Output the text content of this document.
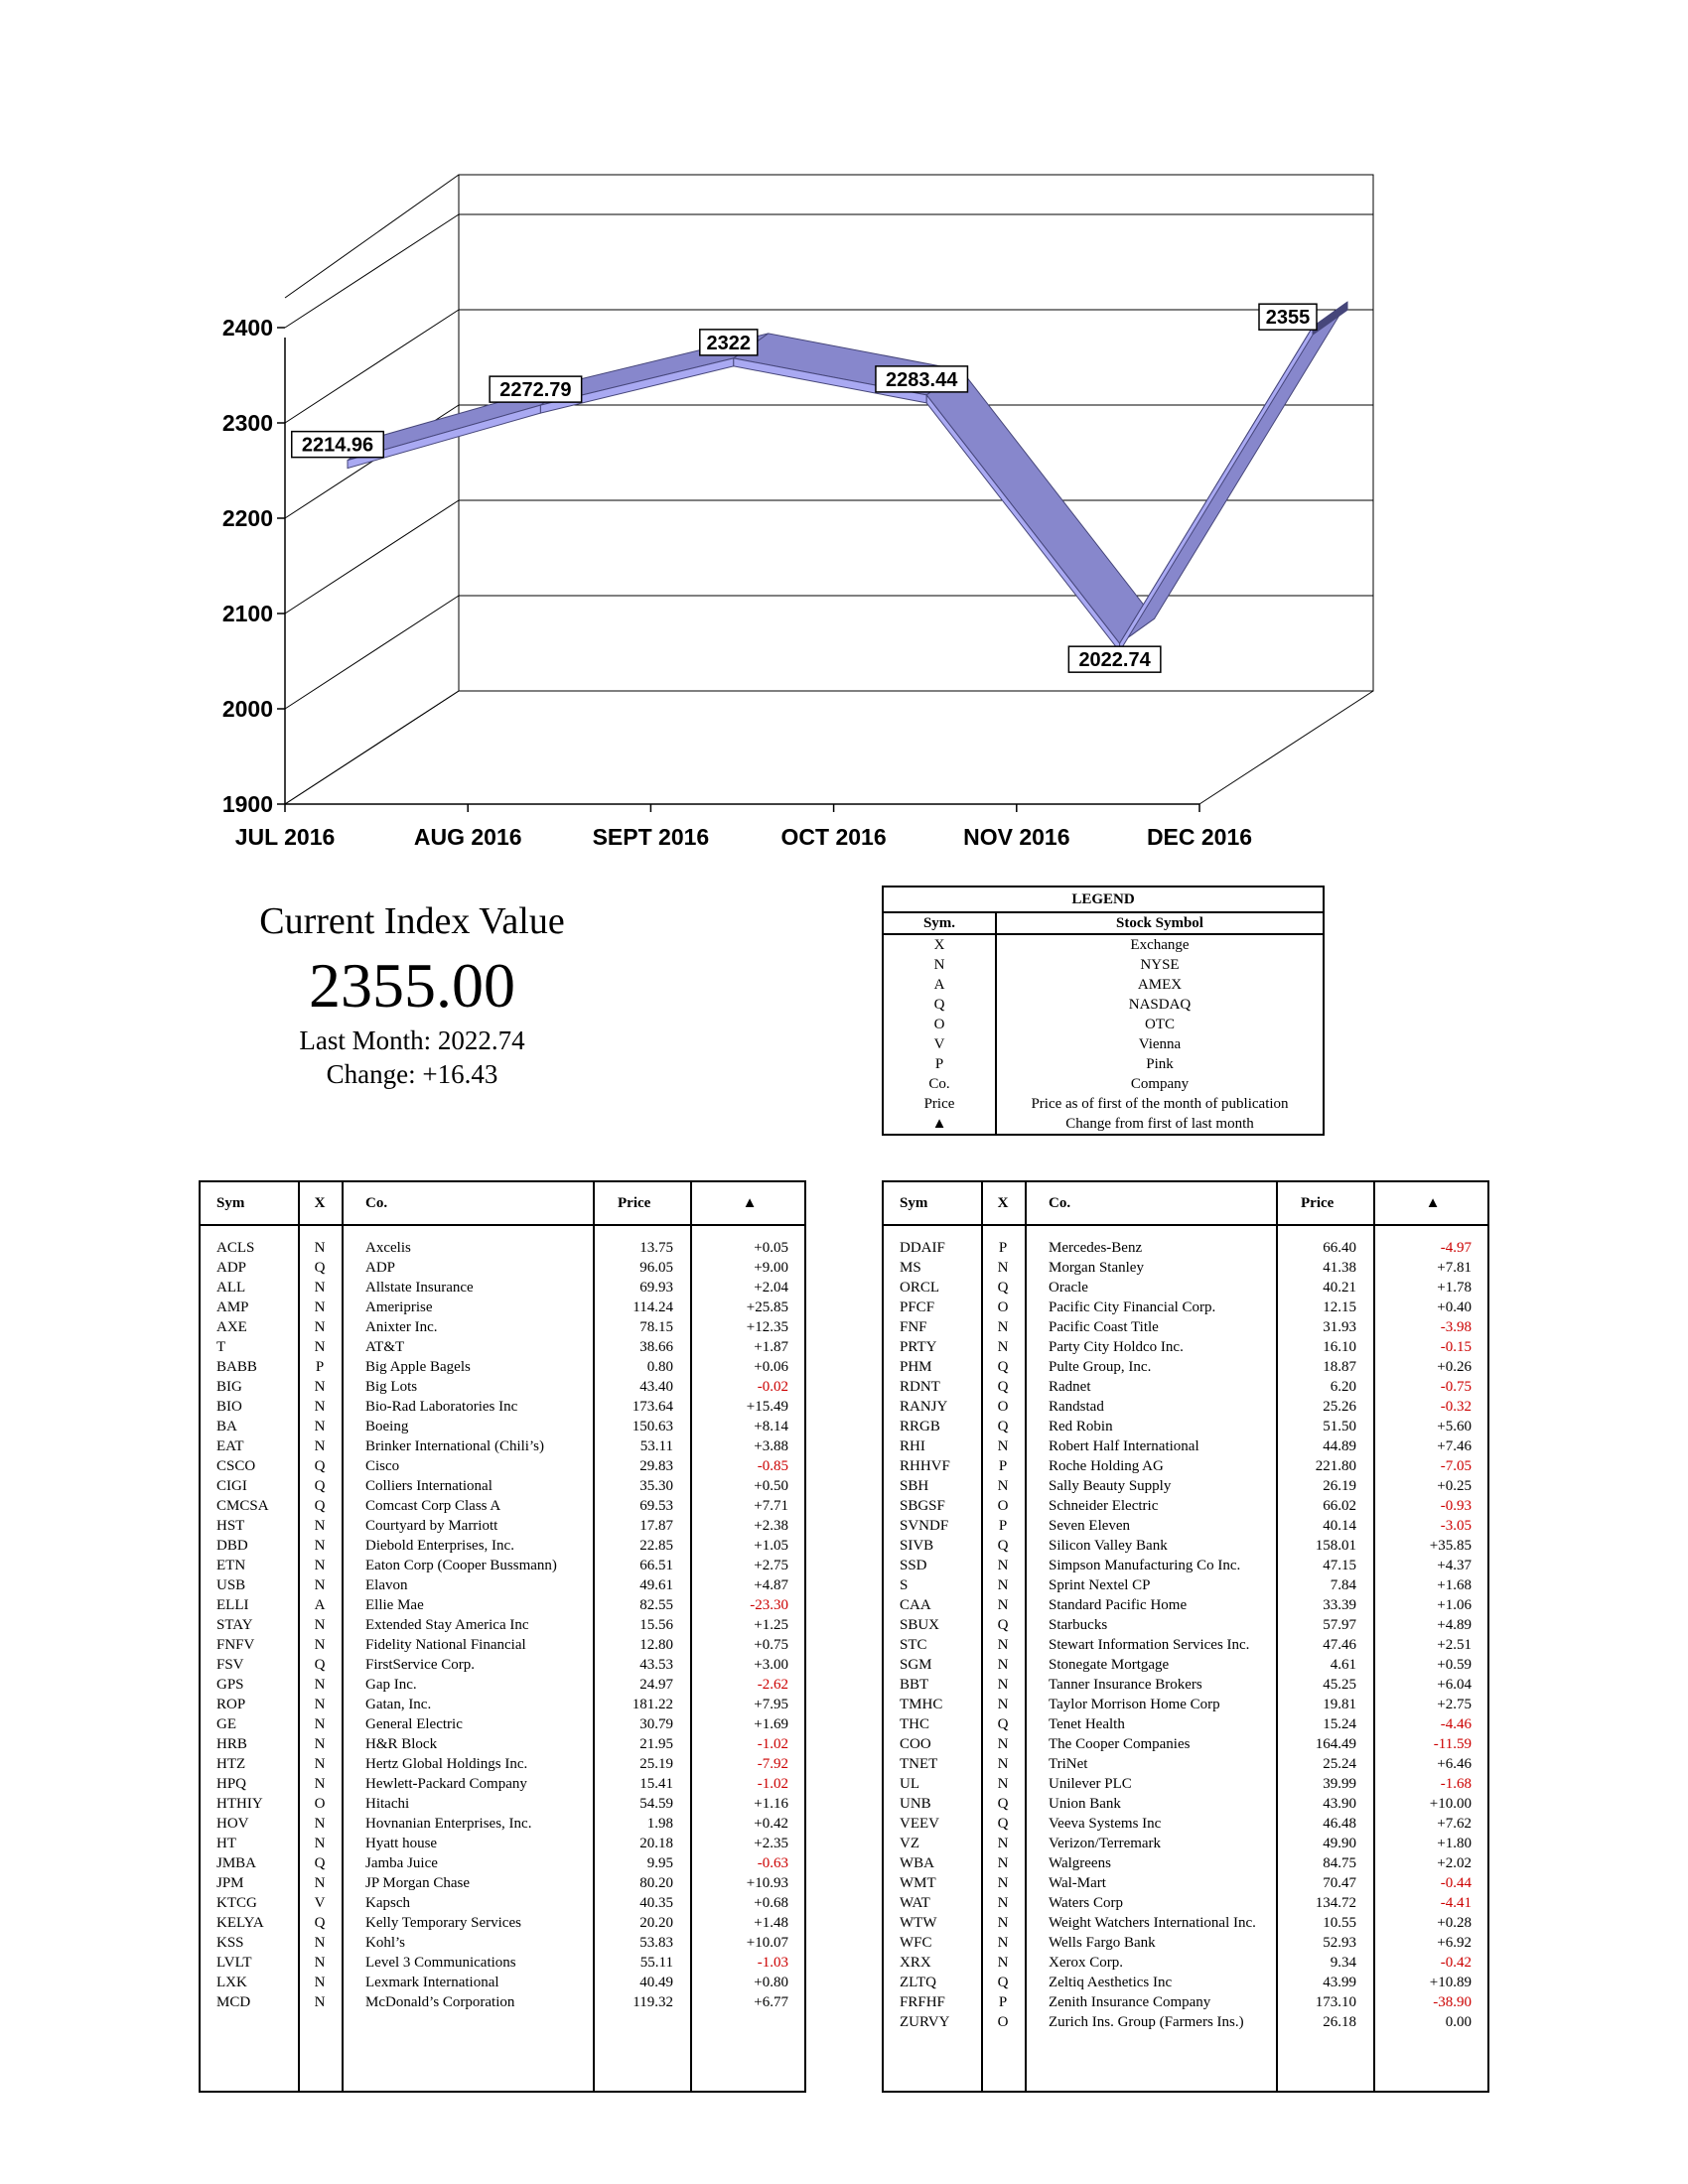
1900
2000
2100
2200
2300
2400
JUL 2016	AUG 2016	SEPT 2016	OCT 2016	NOV 2016	DEC 2016
2214.96
2272.79
2322
2283.44
2022.74
2355
Current Index Value
2355.00
Last Month: 2022.74
Change: +16.43
LEGEND
Sym.	Stock Symbol
X	Exchange
N	NYSE
A	AMEX
Q	NASDAQ
O	OTC
V	Vienna
P	Pink
Co.	Company
Price	Price as of first of the month of publication
▲	Change from first of last month
Sym	X	Co.	Price	▲
ACLS	N	Axcelis	13.75	+0.05
ADP	Q	ADP	96.05	+9.00
ALL	N	Allstate Insurance	69.93	+2.04
AMP	N	Ameriprise	114.24	+25.85
AXE	N	Anixter Inc.	78.15	+12.35
T	N	AT&T	38.66	+1.87
BABB	P	Big Apple Bagels	0.80	+0.06
BIG	N	Big Lots	43.40	-0.02
BIO	N	Bio-Rad Laboratories Inc	173.64	+15.49
BA	N	Boeing	150.63	+8.14
EAT	N	Brinker International (Chili’s)	53.11	+3.88
CSCO	Q	Cisco	29.83	-0.85
CIGI	Q	Colliers International	35.30	+0.50
CMCSA	Q	Comcast Corp Class A	69.53	+7.71
HST	N	Courtyard by Marriott	17.87	+2.38
DBD	N	Diebold Enterprises, Inc.	22.85	+1.05
ETN	N	Eaton Corp (Cooper Bussmann)	66.51	+2.75
USB	N	Elavon	49.61	+4.87
ELLI	A	Ellie Mae	82.55	-23.30
STAY	N	Extended Stay America Inc	15.56	+1.25
FNFV	N	Fidelity National Financial	12.80	+0.75
FSV	Q	FirstService Corp.	43.53	+3.00
GPS	N	Gap Inc.	24.97	-2.62
ROP	N	Gatan, Inc.	181.22	+7.95
GE	N	General Electric	30.79	+1.69
HRB	N	H&R Block	21.95	-1.02
HTZ	N	Hertz Global Holdings Inc.	25.19	-7.92
HPQ	N	Hewlett-Packard Company	15.41	-1.02
HTHIY	O	Hitachi	54.59	+1.16
HOV	N	Hovnanian Enterprises, Inc.	1.98	+0.42
HT	N	Hyatt house	20.18	+2.35
JMBA	Q	Jamba Juice	9.95	-0.63
JPM	N	JP Morgan Chase	80.20	+10.93
KTCG	V	Kapsch	40.35	+0.68
KELYA	Q	Kelly Temporary Services	20.20	+1.48
KSS	N	Kohl’s	53.83	+10.07
LVLT	N	Level 3 Communications	55.11	-1.03
LXK	N	Lexmark International	40.49	+0.80
MCD	N	McDonald’s Corporation	119.32	+6.77
Sym	X	Co.	Price	▲
DDAIF	P	Mercedes-Benz	66.40	-4.97
MS	N	Morgan Stanley	41.38	+7.81
ORCL	Q	Oracle	40.21	+1.78
PFCF	O	Pacific City Financial Corp.	12.15	+0.40
FNF	N	Pacific Coast Title	31.93	-3.98
PRTY	N	Party City Holdco Inc.	16.10	-0.15
PHM	Q	Pulte Group, Inc.	18.87	+0.26
RDNT	Q	Radnet	6.20	-0.75
RANJY	O	Randstad	25.26	-0.32
RRGB	Q	Red Robin	51.50	+5.60
RHI	N	Robert Half International	44.89	+7.46
RHHVF	P	Roche Holding AG	221.80	-7.05
SBH	N	Sally Beauty Supply	26.19	+0.25
SBGSF	O	Schneider Electric	66.02	-0.93
SVNDF	P	Seven Eleven	40.14	-3.05
SIVB	Q	Silicon Valley Bank	158.01	+35.85
SSD	N	Simpson Manufacturing Co Inc.	47.15	+4.37
S	N	Sprint Nextel CP	7.84	+1.68
CAA	N	Standard Pacific Home	33.39	+1.06
SBUX	Q	Starbucks	57.97	+4.89
STC	N	Stewart Information Services Inc.	47.46	+2.51
SGM	N	Stonegate Mortgage	4.61	+0.59
BBT	N	Tanner Insurance Brokers	45.25	+6.04
TMHC	N	Taylor Morrison Home Corp	19.81	+2.75
THC	Q	Tenet Health	15.24	-4.46
COO	N	The Cooper Companies	164.49	-11.59
TNET	N	TriNet	25.24	+6.46
UL	N	Unilever PLC	39.99	-1.68
UNB	Q	Union Bank	43.90	+10.00
VEEV	Q	Veeva Systems Inc	46.48	+7.62
VZ	N	Verizon/Terremark	49.90	+1.80
WBA	N	Walgreens	84.75	+2.02
WMT	N	Wal-Mart	70.47	-0.44
WAT	N	Waters Corp	134.72	-4.41
WTW	N	Weight Watchers International Inc.	10.55	+0.28
WFC	N	Wells Fargo Bank	52.93	+6.92
XRX	N	Xerox Corp.	9.34	-0.42
ZLTQ	Q	Zeltiq Aesthetics Inc	43.99	+10.89
FRFHF	P	Zenith Insurance Company	173.10	-38.90
ZURVY	O	Zurich Ins. Group (Farmers Ins.)	26.18	0.00
